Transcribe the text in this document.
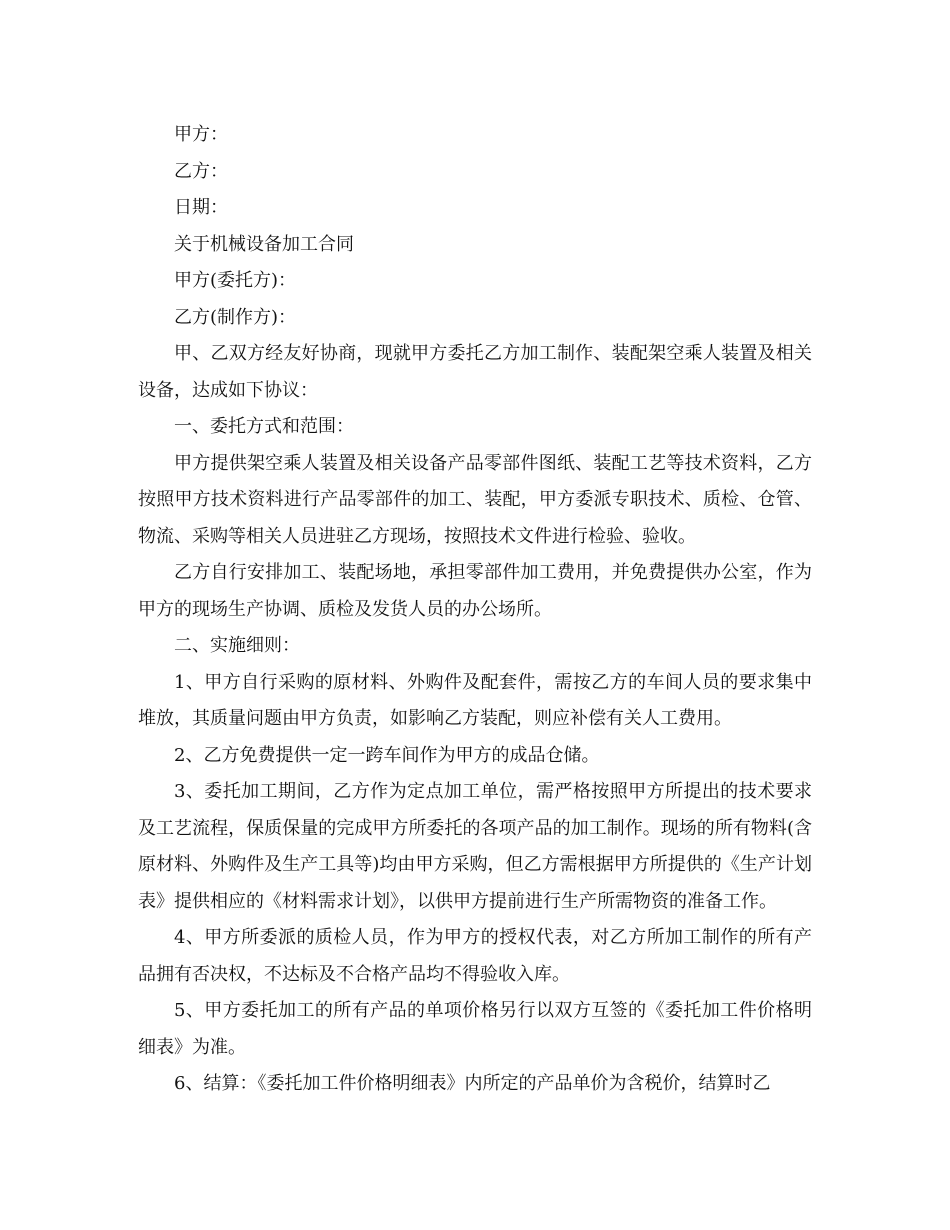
甲方：

乙方：

日期：

关于机械设备加工合同

甲方(委托方)：

乙方(制作方)：

甲、乙双方经友好协商，现就甲方委托乙方加工制作、装配架空乘人装置及相关设备，达成如下协议：

一、委托方式和范围：

甲方提供架空乘人装置及相关设备产品零部件图纸、装配工艺等技术资料，乙方按照甲方技术资料进行产品零部件的加工、装配，甲方委派专职技术、质检、仓管、物流、采购等相关人员进驻乙方现场，按照技术文件进行检验、验收。

乙方自行安排加工、装配场地，承担零部件加工费用，并免费提供办公室，作为甲方的现场生产协调、质检及发货人员的办公场所。

二、实施细则：

1、甲方自行采购的原材料、外购件及配套件，需按乙方的车间人员的要求集中堆放，其质量问题由甲方负责，如影响乙方装配，则应补偿有关人工费用。

2、乙方免费提供一定一跨车间作为甲方的成品仓储。

3、委托加工期间，乙方作为定点加工单位，需严格按照甲方所提出的技术要求及工艺流程，保质保量的完成甲方所委托的各项产品的加工制作。现场的所有物料(含原材料、外购件及生产工具等)均由甲方采购，但乙方需根据甲方所提供的《生产计划表》提供相应的《材料需求计划》，以供甲方提前进行生产所需物资的准备工作。

4、甲方所委派的质检人员，作为甲方的授权代表，对乙方所加工制作的所有产品拥有否决权，不达标及不合格产品均不得验收入库。

5、甲方委托加工的所有产品的单项价格另行以双方互签的《委托加工件价格明细表》为准。

6、结算：《委托加工件价格明细表》内所定的产品单价为含税价，结算时乙
